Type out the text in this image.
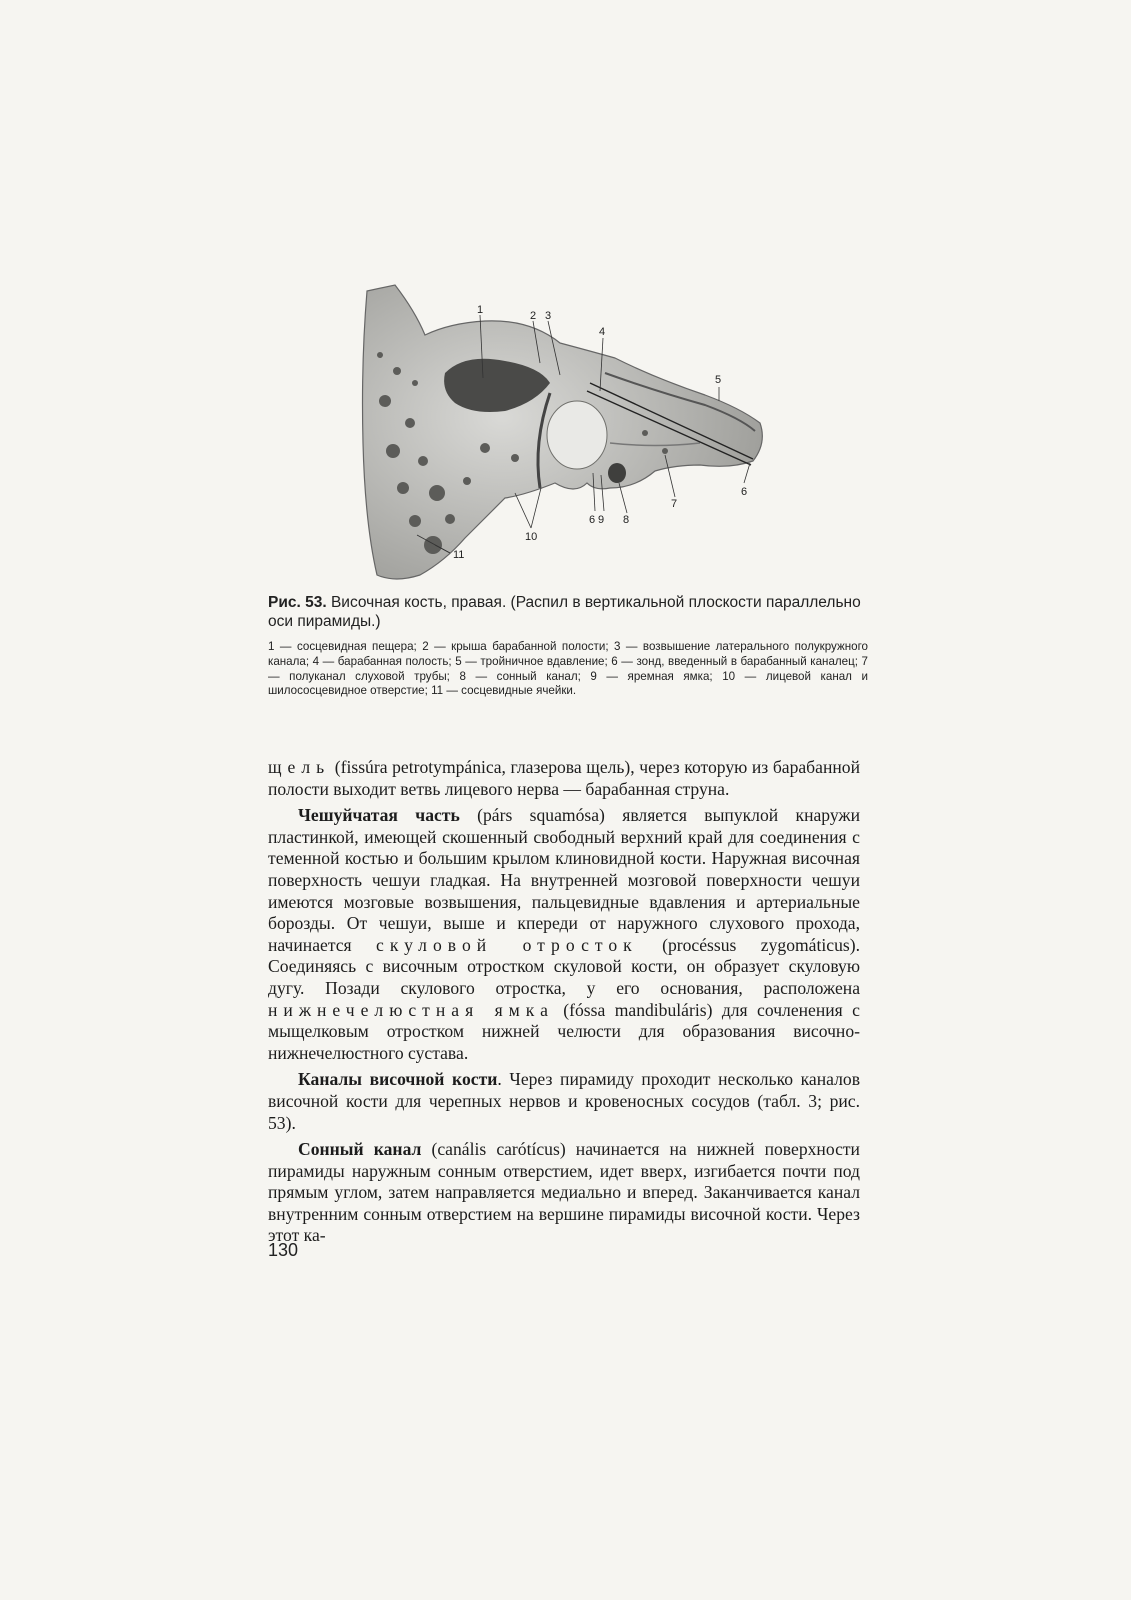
1	2 3
4
5
6
7
8
6 9
10
11

Рис. 53. Височная кость, правая. (Распил в вертикальной плоскости параллельно оси пирамиды.)

1 — сосцевидная пещера; 2 — крыша барабанной полости; 3 — возвышение латерального полукружного канала; 4 — барабанная полость; 5 — тройничное вдавление; 6 — зонд, введенный в барабанный каналец; 7 — полуканал слуховой трубы; 8 — сонный канал; 9 — яремная ямка; 10 — лицевой канал и шилососцевидное отверстие; 11 — сосцевидные ячейки.

щель (fissúra petrotympánica, глазерова щель), через которую из барабанной полости выходит ветвь лицевого нерва — барабанная струна.

Чешуйчатая часть (párs squamósa) является выпуклой кнаружи пластинкой, имеющей скошенный свободный верхний край для соединения с теменной костью и большим крылом клиновидной кости. Наружная височная поверхность чешуи гладкая. На внутренней мозговой поверхности чешуи имеются мозговые возвышения, пальцевидные вдавления и артериальные борозды. От чешуи, выше и кпереди от наружного слухового прохода, начинается скуловой отросток (procéssus zygomáticus). Соединяясь с височным отростком скуловой кости, он образует скуловую дугу. Позади скулового отростка, у его основания, расположена нижнечелюстная ямка (fóssa mandibuláris) для сочленения с мыщелковым отростком нижней челюсти для образования височно-нижнечелюстного сустава.

Каналы височной кости. Через пирамиду проходит несколько каналов височной кости для черепных нервов и кровеносных сосудов (табл. 3; рис. 53).

Сонный канал (canális carótícus) начинается на нижней поверхности пирамиды наружным сонным отверстием, идет вверх, изгибается почти под прямым углом, затем направляется медиально и вперед. Заканчивается канал внутренним сонным отверстием на вершине пирамиды височной кости. Через этот ка-

130
